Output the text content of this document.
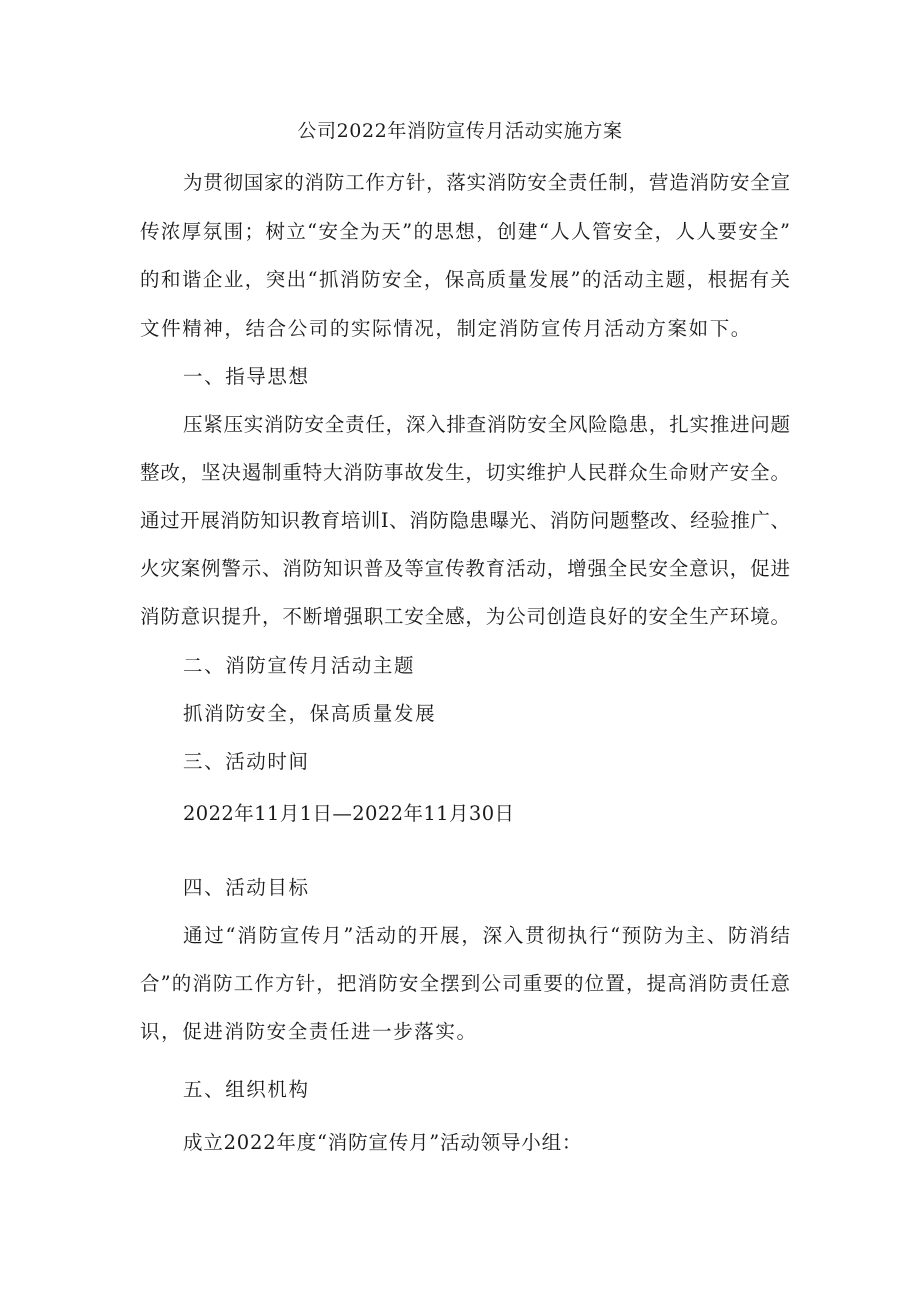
公司2022年消防宣传月活动实施方案
为贯彻国家的消防工作方针，落实消防安全责任制，营造消防安全宣
传浓厚氛围；树立“安全为天”的思想，创建“人人管安全，人人要安全”
的和谐企业，突出“抓消防安全，保高质量发展”的活动主题，根据有关
文件精神，结合公司的实际情况，制定消防宣传月活动方案如下。
一、指导思想
压紧压实消防安全责任，深入排查消防安全风险隐患，扎实推进问题
整改，坚决遏制重特大消防事故发生，切实维护人民群众生命财产安全。
通过开展消防知识教育培训I、消防隐患曝光、消防问题整改、经验推广、
火灾案例警示、消防知识普及等宣传教育活动，增强全民安全意识，促进
消防意识提升，不断增强职工安全感，为公司创造良好的安全生产环境。
二、消防宣传月活动主题
抓消防安全，保高质量发展
三、活动时间
2022年11月1日—2022年11月30日
四、活动目标
通过“消防宣传月”活动的开展，深入贯彻执行“预防为主、防消结
合”的消防工作方针，把消防安全摆到公司重要的位置，提高消防责任意
识，促进消防安全责任进一步落实。
五、组织机构
成立2022年度“消防宣传月”活动领导小组：
